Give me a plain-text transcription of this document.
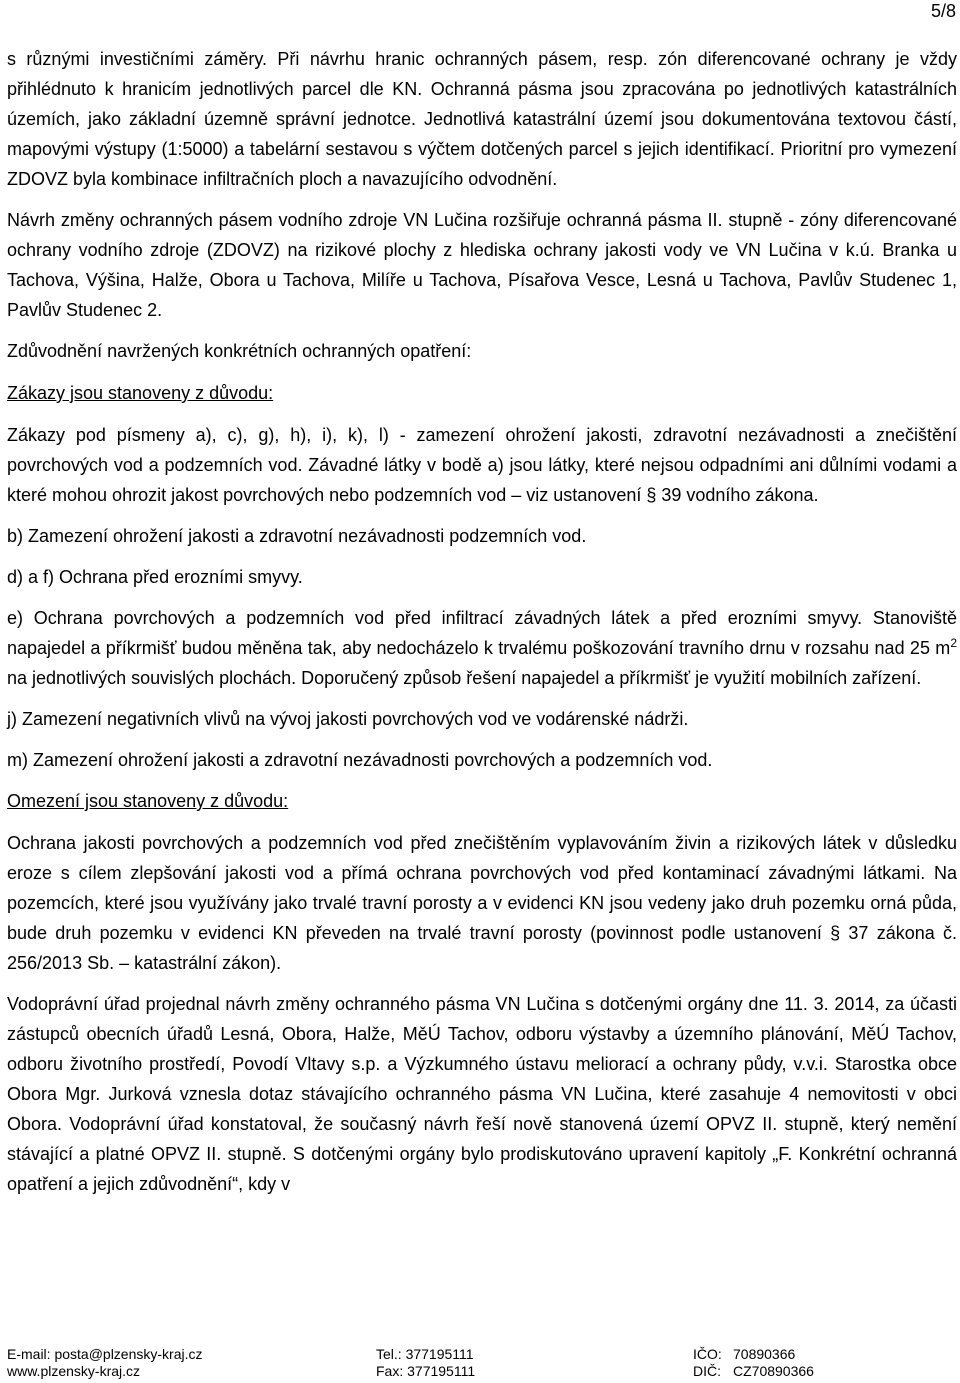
5/8

s různými investičními záměry. Při návrhu hranic ochranných pásem, resp. zón diferencované ochrany je vždy přihlédnuto k hranicím jednotlivých parcel dle KN. Ochranná pásma jsou zpracována po jednotlivých katastrálních územích, jako základní územně správní jednotce. Jednotlivá katastrální území jsou dokumentována textovou částí, mapovými výstupy (1:5000) a tabelární sestavou s výčtem dotčených parcel s jejich identifikací. Prioritní pro vymezení ZDOVZ byla kombinace infiltračních ploch a navazujícího odvodnění.

Návrh změny ochranných pásem vodního zdroje VN Lučina rozšiřuje ochranná pásma II. stupně - zóny diferencované ochrany vodního zdroje (ZDOVZ) na rizikové plochy z hlediska ochrany jakosti vody ve VN Lučina v k.ú. Branka u Tachova, Výšina, Halže, Obora u Tachova, Milíře u Tachova, Písařova Vesce, Lesná u Tachova, Pavlův Studenec 1, Pavlův Studenec 2.

Zdůvodnění navržených konkrétních ochranných opatření:

Zákazy jsou stanoveny z důvodu:

Zákazy pod písmeny a), c), g), h), i), k), l) - zamezení ohrožení jakosti, zdravotní nezávadnosti a znečištění povrchových vod a podzemních vod. Závadné látky v bodě a) jsou látky, které nejsou odpadními ani důlními vodami a které mohou ohrozit jakost povrchových nebo podzemních vod – viz ustanovení § 39 vodního zákona.

b) Zamezení ohrožení jakosti a zdravotní nezávadnosti podzemních vod.

d) a f) Ochrana před erozními smyvy.

e) Ochrana povrchových a podzemních vod před infiltrací závadných látek a před erozními smyvy. Stanoviště napajedel a příkrmišť budou měněna tak, aby nedocházelo k trvalému poškozování travního drnu v rozsahu nad 25 $m^2$ na jednotlivých souvislých plochách. Doporučený způsob řešení napajedel a příkrmišť je využití mobilních zařízení.

j) Zamezení negativních vlivů na vývoj jakosti povrchových vod ve vodárenské nádrži.

m) Zamezení ohrožení jakosti a zdravotní nezávadnosti povrchových a podzemních vod.

Omezení jsou stanoveny z důvodu:

Ochrana jakosti povrchových a podzemních vod před znečištěním vyplavováním živin a rizikových látek v důsledku eroze s cílem zlepšování jakosti vod a přímá ochrana povrchových vod před kontaminací závadnými látkami. Na pozemcích, které jsou využívány jako trvalé travní porosty a v evidenci KN jsou vedeny jako druh pozemku orná půda, bude druh pozemku v evidenci KN převeden na trvalé travní porosty (povinnost podle ustanovení § 37 zákona č. 256/2013 Sb. – katastrální zákon).

Vodoprávní úřad projednal návrh změny ochranného pásma VN Lučina s dotčenými orgány dne 11. 3. 2014, za účasti zástupců obecních úřadů Lesná, Obora, Halže, MěÚ Tachov, odboru výstavby a územního plánování, MěÚ Tachov, odboru životního prostředí, Povodí Vltavy s.p. a Výzkumného ústavu meliorací a ochrany půdy, v.v.i. Starostka obce Obora Mgr. Jurková vznesla dotaz stávajícího ochranného pásma VN Lučina, které zasahuje 4 nemovitosti v obci Obora. Vodoprávní úřad konstatoval, že současný návrh řeší nově stanovená území OPVZ II. stupně, který nemění stávající a platné OPVZ II. stupně. S dotčenými orgány bylo prodiskutováno upravení kapitoly „F. Konkrétní ochranná opatření a jejich zdůvodnění“, kdy v

E-mail: posta@plzensky-kraj.cz
www.plzensky-kraj.cz
Tel.: 377195111
Fax: 377195111
IČO: 70890366
DIČ: CZ70890366
